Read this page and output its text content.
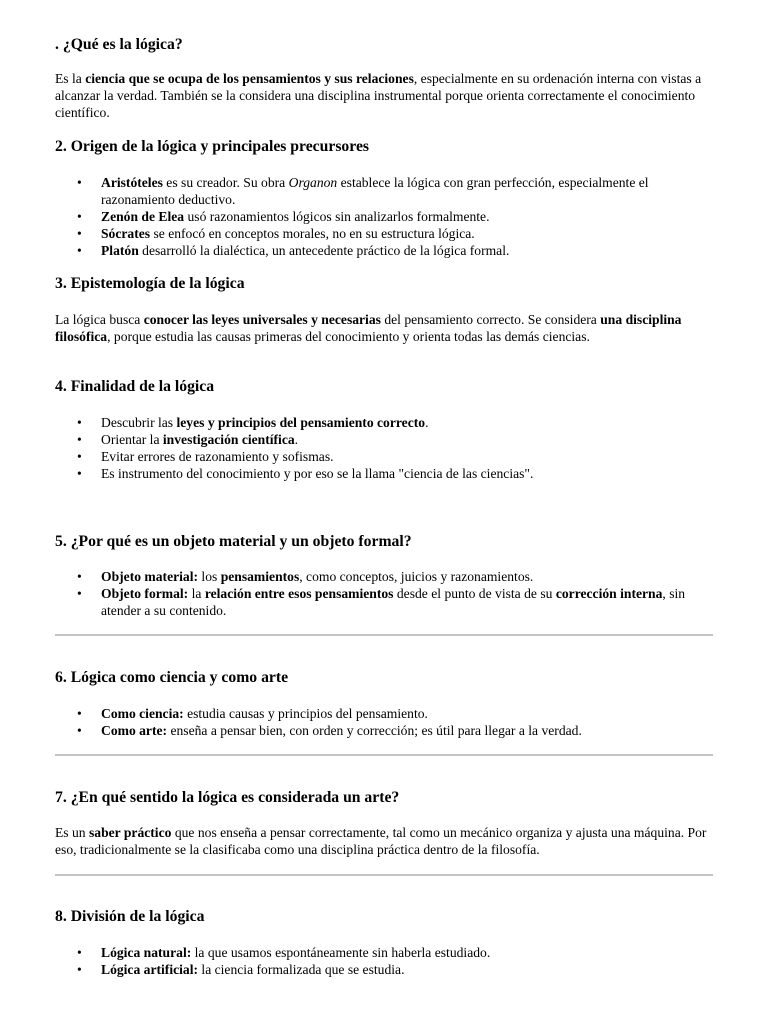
. ¿Qué es la lógica?

Es la ciencia que se ocupa de los pensamientos y sus relaciones, especialmente en su ordenación interna con vistas a alcanzar la verdad. También se la considera una disciplina instrumental porque orienta correctamente el conocimiento científico.

2. Origen de la lógica y principales precursores
• Aristóteles es su creador. Su obra Organon establece la lógica con gran perfección, especialmente el razonamiento deductivo.
• Zenón de Elea usó razonamientos lógicos sin analizarlos formalmente.
• Sócrates se enfocó en conceptos morales, no en su estructura lógica.
• Platón desarrolló la dialéctica, un antecedente práctico de la lógica formal.
3. Epistemología de la lógica

La lógica busca conocer las leyes universales y necesarias del pensamiento correcto. Se considera una disciplina filosófica, porque estudia las causas primeras del conocimiento y orienta todas las demás ciencias.

4. Finalidad de la lógica
• Descubrir las leyes y principios del pensamiento correcto.
• Orientar la investigación científica.
• Evitar errores de razonamiento y sofismas.
• Es instrumento del conocimiento y por eso se la llama "ciencia de las ciencias".
5. ¿Por qué es un objeto material y un objeto formal?
• Objeto material: los pensamientos, como conceptos, juicios y razonamientos.
• Objeto formal: la relación entre esos pensamientos desde el punto de vista de su corrección interna, sin atender a su contenido.
6. Lógica como ciencia y como arte
• Como ciencia: estudia causas y principios del pensamiento.
• Como arte: enseña a pensar bien, con orden y corrección; es útil para llegar a la verdad.
7. ¿En qué sentido la lógica es considerada un arte?

Es un saber práctico que nos enseña a pensar correctamente, tal como un mecánico organiza y ajusta una máquina. Por eso, tradicionalmente se la clasificaba como una disciplina práctica dentro de la filosofía.

8. División de la lógica
• Lógica natural: la que usamos espontáneamente sin haberla estudiado.
• Lógica artificial: la ciencia formalizada que se estudia.
